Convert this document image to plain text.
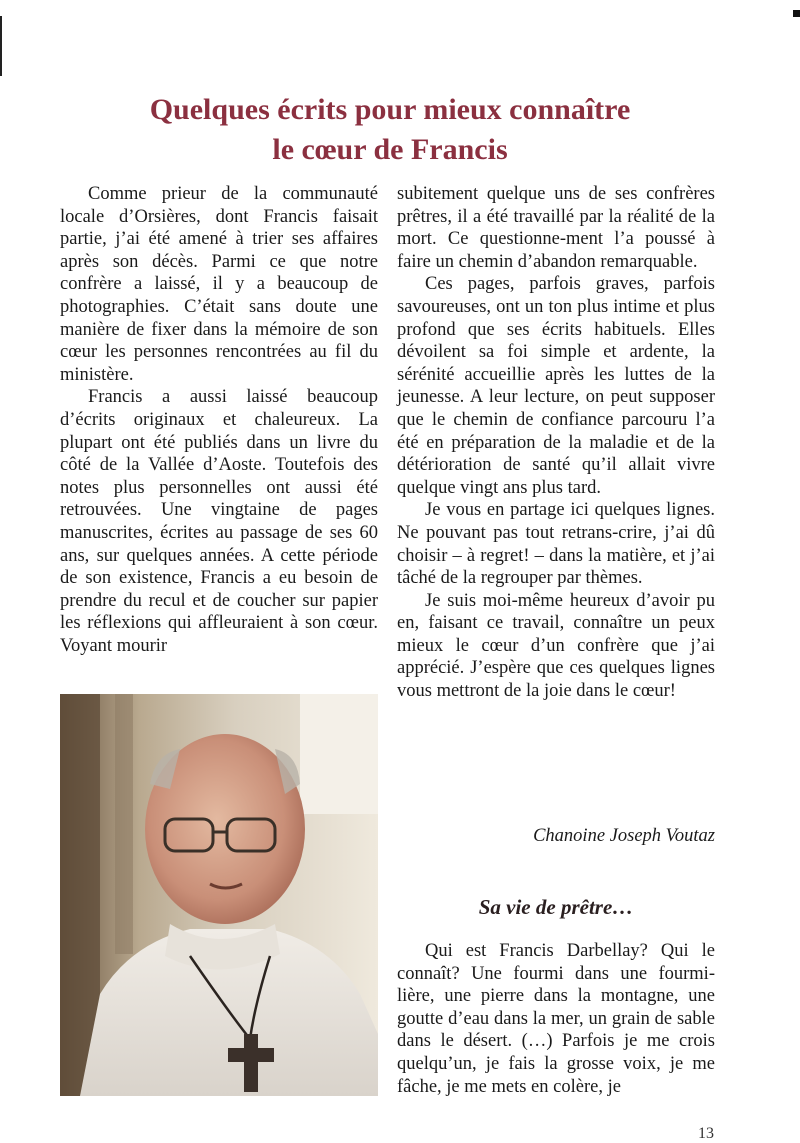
Quelques écrits pour mieux connaître
le cœur de Francis

Comme prieur de la communauté locale d’Orsières, dont Francis faisait partie, j’ai été amené à trier ses affaires après son décès. Parmi ce que notre confrère a laissé, il y a beaucoup de photographies. C’était sans doute une manière de fixer dans la mémoire de son cœur les personnes rencontrées au fil du ministère.

Francis a aussi laissé beaucoup d’écrits originaux et chaleureux. La plupart ont été publiés dans un livre du côté de la Vallée d’Aoste. Toutefois des notes plus personnelles ont aussi été retrouvées. Une vingtaine de pages manuscrites, écrites au passage de ses 60 ans, sur quelques années. A cette période de son existence, Francis a eu besoin de prendre du recul et de coucher sur papier les réflexions qui affleuraient à son cœur. Voyant mourir

subitement quelque uns de ses confrères prêtres, il a été travaillé par la réalité de la mort. Ce questionne-ment l’a poussé à faire un chemin d’abandon remarquable.

Ces pages, parfois graves, parfois savoureuses, ont un ton plus intime et plus profond que ses écrits habituels. Elles dévoilent sa foi simple et ardente, la sérénité accueillie après les luttes de la jeunesse. A leur lecture, on peut supposer que le chemin de confiance parcouru l’a été en préparation de la maladie et de la détérioration de santé qu’il allait vivre quelque vingt ans plus tard.

Je vous en partage ici quelques lignes. Ne pouvant pas tout retrans-crire, j’ai dû choisir – à regret! – dans la matière, et j’ai tâché de la regrouper par thèmes.

Je suis moi-même heureux d’avoir pu en, faisant ce travail, connaître un peux mieux le cœur d’un confrère que j’ai apprécié. J’espère que ces quelques lignes vous mettront de la joie dans le cœur!

Chanoine Joseph Voutaz
Sa vie de prêtre…

Qui est Francis Darbellay? Qui le connaît? Une fourmi dans une fourmi-lière, une pierre dans la montagne, une goutte d’eau dans la mer, un grain de sable dans le désert. (…) Parfois je me crois quelqu’un, je fais la grosse voix, je me fâche, je me mets en colère, je

13
